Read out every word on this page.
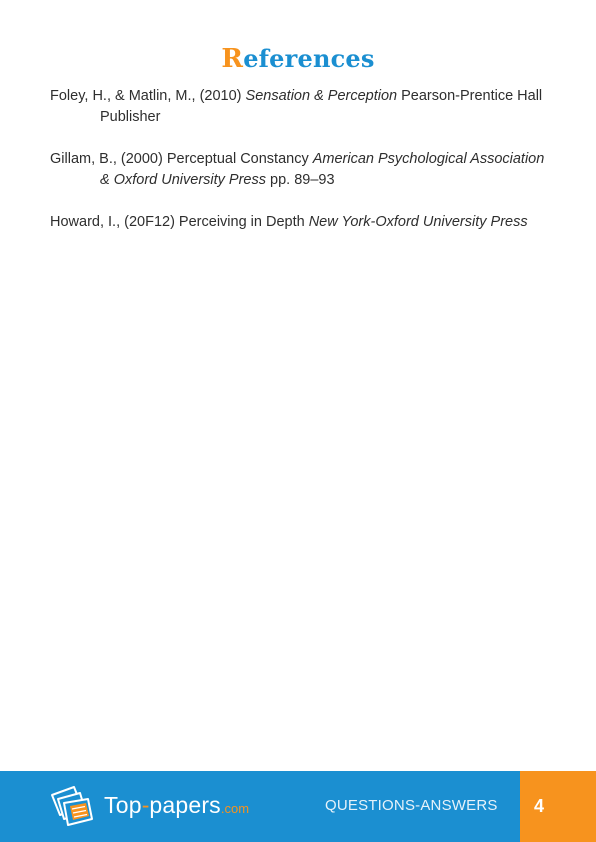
References

Foley, H., & Matlin, M., (2010) Sensation & Perception Pearson-Prentice Hall Publisher

Gillam, B., (2000) Perceptual Constancy American Psychological Association & Oxford University Press pp. 89–93

Howard, I., (20F12) Perceiving in Depth New York-Oxford University Press

Top-papers.com	QUESTIONS-ANSWERS	4
